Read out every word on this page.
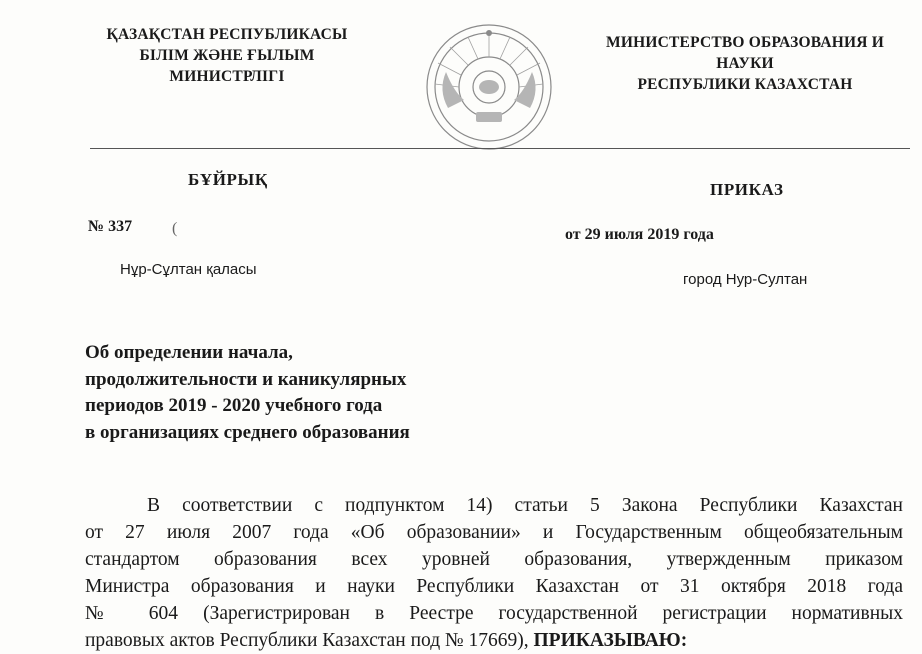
ҚАЗАҚСТАН РЕСПУБЛИКАСЫ
БІЛІМ ЖӘНЕ ҒЫЛЫМ
МИНИСТРЛІГІ
МИНИСТЕРСТВО ОБРАЗОВАНИЯ И
НАУКИ
РЕСПУБЛИКИ КАЗАХСТАН
БҰЙРЫҚ
ПРИКАЗ
№ 337 (	от 29 июля 2019 года
Нұр-Сұлтан қаласы
город Нур-Султан
Об определении начала,
продолжительности и каникулярных
периодов 2019 - 2020 учебного года
в организациях среднего образования
В соответствии с подпунктом 14) статьи 5 Закона Республики Казахстан
от 27 июля 2007 года «Об образовании» и Государственным общеобязательным
стандартом образования всех уровней образования, утвержденным приказом
Министра образования и науки Республики Казахстан от 31 октября 2018 года
№ 604 (Зарегистрирован в Реестре государственной регистрации нормативных
правовых актов Республики Казахстан под № 17669), ПРИКАЗЫВАЮ:
